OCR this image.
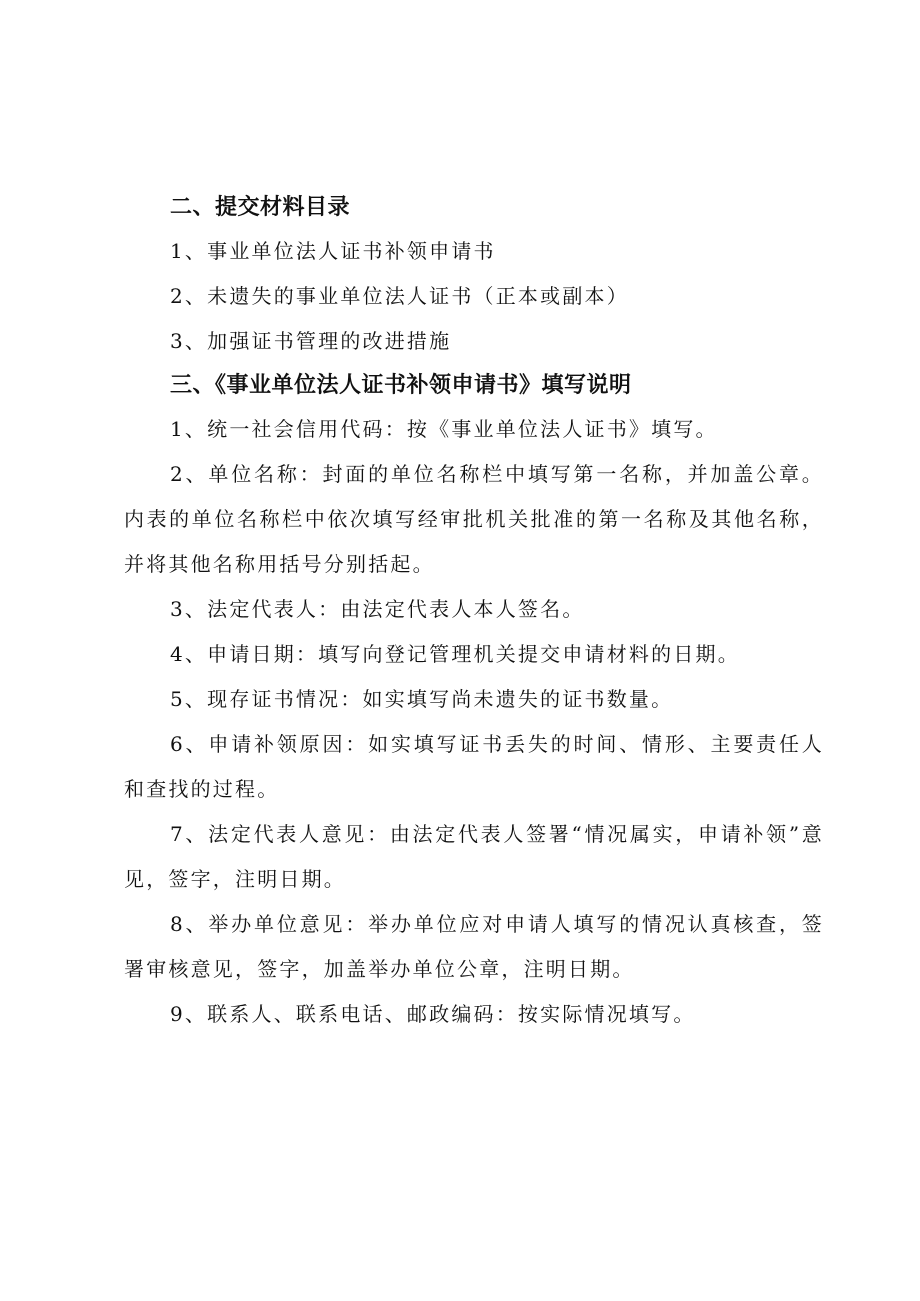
二、提交材料目录
1、事业单位法人证书补领申请书
2、未遗失的事业单位法人证书（正本或副本）
3、加强证书管理的改进措施
三、《事业单位法人证书补领申请书》填写说明
1、统一社会信用代码：按《事业单位法人证书》填写。
2、单位名称：封面的单位名称栏中填写第一名称，并加盖公章。内表的单位名称栏中依次填写经审批机关批准的第一名称及其他名称，并将其他名称用括号分别括起。
3、法定代表人：由法定代表人本人签名。
4、申请日期：填写向登记管理机关提交申请材料的日期。
5、现存证书情况：如实填写尚未遗失的证书数量。
6、申请补领原因：如实填写证书丢失的时间、情形、主要责任人和查找的过程。
7、法定代表人意见：由法定代表人签署“情况属实，申请补领”意见，签字，注明日期。
8、举办单位意见：举办单位应对申请人填写的情况认真核查，签署审核意见，签字，加盖举办单位公章，注明日期。
9、联系人、联系电话、邮政编码：按实际情况填写。
